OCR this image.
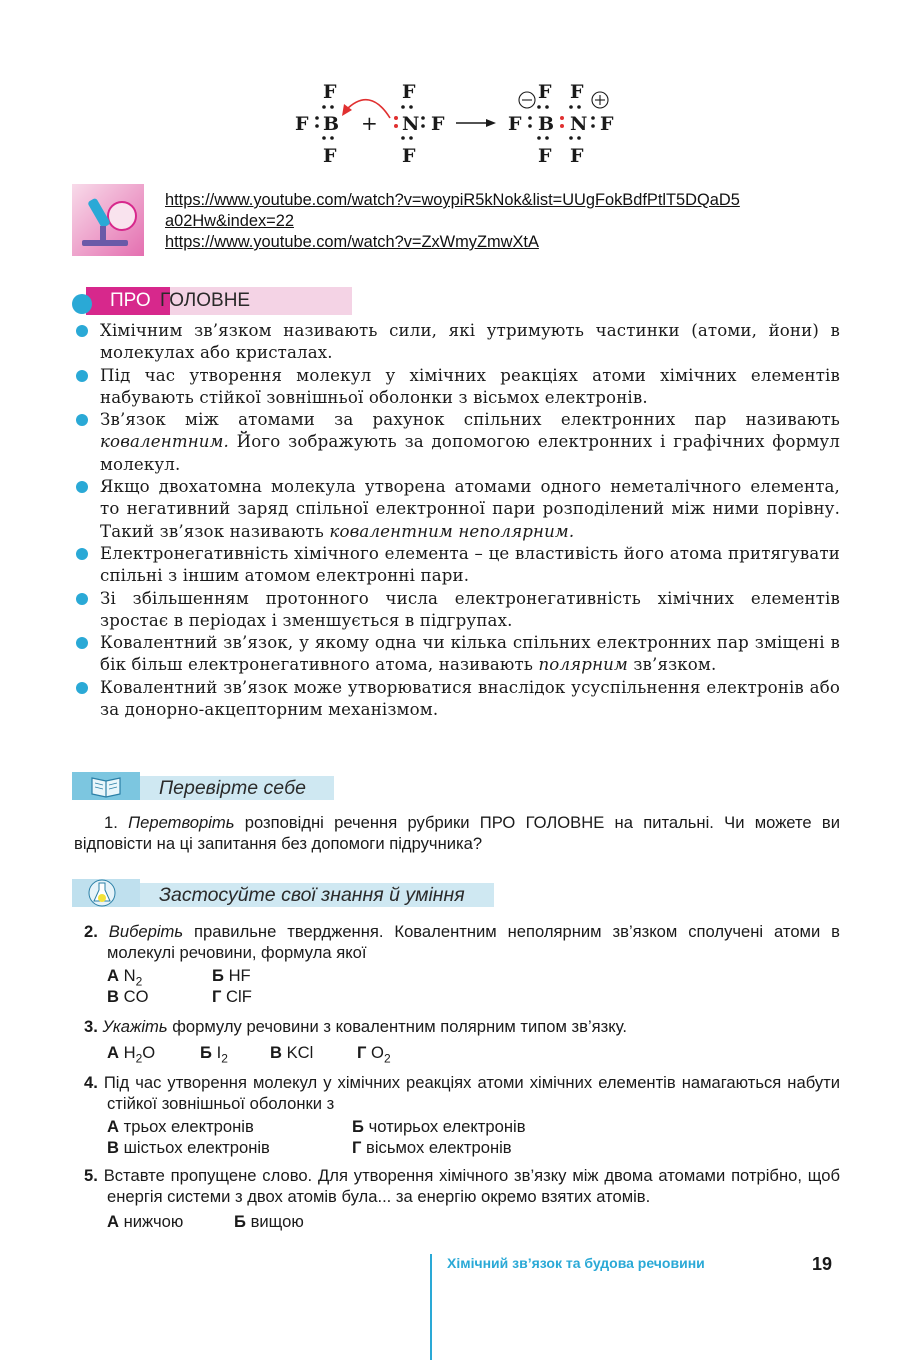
F
F B
F
+
F
N F
F
F
F
B
F
F
N F
F
https://www.youtube.com/watch?v=woypiR5kNok&list=UUgFokBdfPtlT5DQaD5
a02Hw&index=22
https://www.youtube.com/watch?v=ZxWmyZmwXtA
ПРО ГОЛОВНЕ
Хімічним зв’язком називають сили, які утримують частинки (атоми, йони) в молекулах або кристалах.
Під час утворення молекул у хімічних реакціях атоми хімічних елементів набувають стійкої зовнішньої оболонки з вісьмох електронів.
Зв’язок між атомами за рахунок спільних електронних пар називають ковалентним. Його зображують за допомогою електронних і графічних формул молекул.
Якщо двохатомна молекула утворена атомами одного неметалічного елемента, то негативний заряд спільної електронної пари розподілений між ними порівну. Такий зв’язок називають ковалентним неполярним.
Електронегативність хімічного елемента – це властивість його атома притягувати спільні з іншим атомом електронні пари.
Зі збільшенням протонного числа електронегативність хімічних елементів зростає в періодах і зменшується в підгрупах.
Ковалентний зв’язок, у якому одна чи кілька спільних електронних пар зміщені в бік більш електронегативного атома, називають полярним зв’язком.
Ковалентний зв’язок може утворюватися внаслідок усуспільнення електронів або за донорно-акцепторним механізмом.
Перевірте себе
1. Перетворіть розповідні речення рубрики ПРО ГОЛОВНЕ на питальні. Чи можете ви відповісти на ці запитання без допомоги підручника?
Застосуйте свої знання й уміння
2. Виберіть правильне твердження. Ковалентним неполярним зв’язком сполучені атоми в молекулі речовини, формула якої
А $N_2$	Б HF
В CO	Г ClF
3. Укажіть формулу речовини з ковалентним полярним типом зв’язку.
А $H_2O$	Б $I_2$	В KCl	Г $O_2$
4. Під час утворення молекул у хімічних реакціях атоми хімічних елементів намагаються набути стійкої зовнішньої оболонки з
А трьох електронів	Б чотирьох електронів
В шістьох електронів	Г вісьмох електронів
5. Вставте пропущене слово. Для утворення хімічного зв’язку між двома атомами потрібно, щоб енергія системи з двох атомів була... за енергію окремо взятих атомів.
А нижчою	Б вищою
Хімічний зв’язок та будова речовини	19
